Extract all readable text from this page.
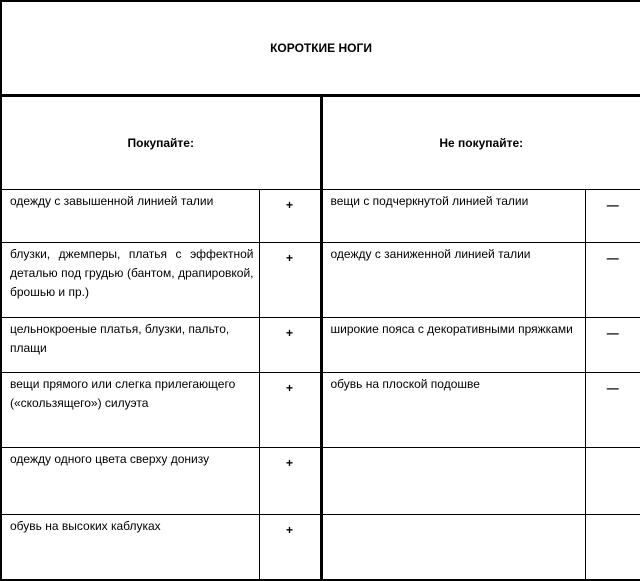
КОРОТКИЕ НОГИ			
Покупайте:		Не покупайте:	
одежду с завышенной линией талии	+	вещи с подчеркнутой линией талии	—
блузки, джемперы, платья с эффектной деталью под грудью (бантом, драпировкой, брошью и пр.)	+	одежду с заниженной линией талии	—
цельнокроеные платья, блузки, пальто, плащи	+	широкие пояса с декоративными пряжками	—
вещи прямого или слегка прилегающего («скользящего») силуэта	+	обувь на плоской подошве	—
одежду одного цвета сверху донизу	+		
обувь на высоких каблуках	+		
